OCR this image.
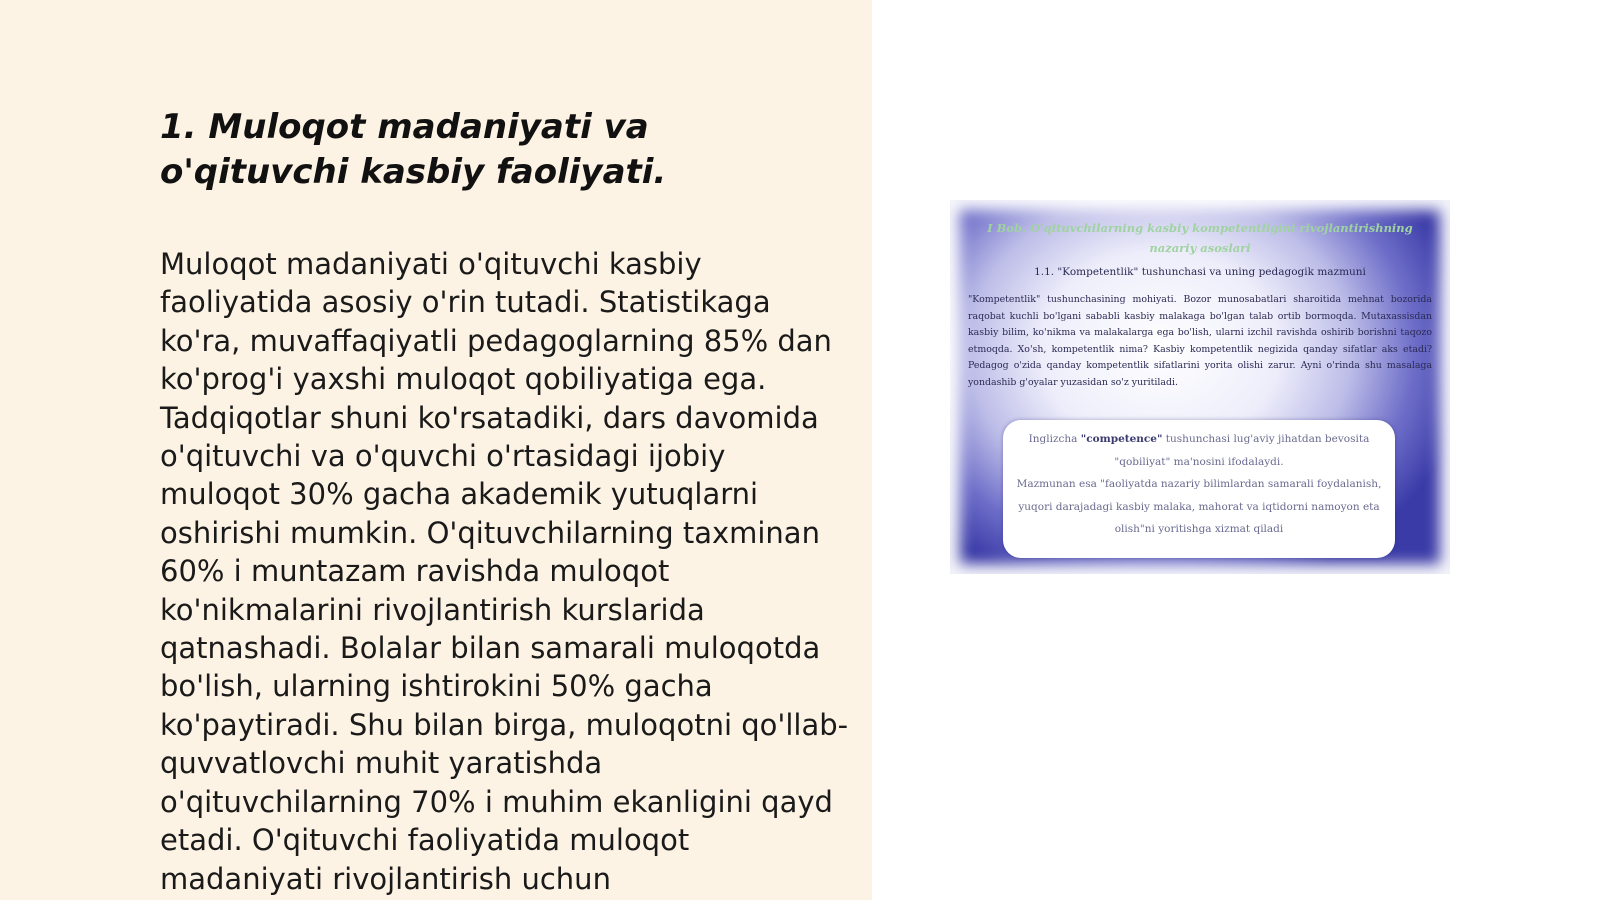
1. Muloqot madaniyati va o'qituvchi kasbiy faoliyati.

Muloqot madaniyati o'qituvchi kasbiy faoliyatida asosiy o'rin tutadi. Statistikaga ko'ra, muvaffaqiyatli pedagoglarning 85% dan ko'prog'i yaxshi muloqot qobiliyatiga ega. Tadqiqotlar shuni ko'rsatadiki, dars davomida o'qituvchi va o'quvchi o'rtasidagi ijobiy muloqot 30% gacha akademik yutuqlarni oshirishi mumkin. O'qituvchilarning taxminan 60% i muntazam ravishda muloqot ko'nikmalarini rivojlantirish kurslarida qatnashadi. Bolalar bilan samarali muloqotda bo'lish, ularning ishtirokini 50% gacha ko'paytiradi. Shu bilan birga, muloqotni qo'llab-quvvatlovchi muhit yaratishda o'qituvchilarning 70% i muhim ekanligini qayd etadi. O'qituvchi faoliyatida muloqot madaniyati rivojlantirish uchun

I Bob. O'qituvchilarning kasbiy kompetentligini rivojlantirishning nazariy asoslari

1.1. "Kompetentlik" tushunchasi va uning pedagogik mazmuni

"Kompetentlik" tushunchasining mohiyati. Bozor munosabatlari sharoitida mehnat bozorida raqobat kuchli bo'lgani sababli kasbiy malakaga bo'lgan talab ortib bormoqda. Mutaxassisdan kasbiy bilim, ko'nikma va malakalarga ega bo'lish, ularni izchil ravishda oshirib borishni taqozo etmoqda. Xo'sh, kompetentlik nima? Kasbiy kompetentlik negizida qanday sifatlar aks etadi? Pedagog o'zida qanday kompetentlik sifatlarini yorita olishi zarur. Ayni o'rinda shu masalaga yondashib g'oyalar yuzasidan so'z yuritiladi.

Inglizcha "competence" tushunchasi lug'aviy jihatdan bevosita "qobiliyat" ma'nosini ifodalaydi.

Mazmunan esa "faoliyatda nazariy bilimlardan samarali foydalanish, yuqori darajadagi kasbiy malaka, mahorat va iqtidorni namoyon eta olish"ni yoritishga xizmat qiladi
